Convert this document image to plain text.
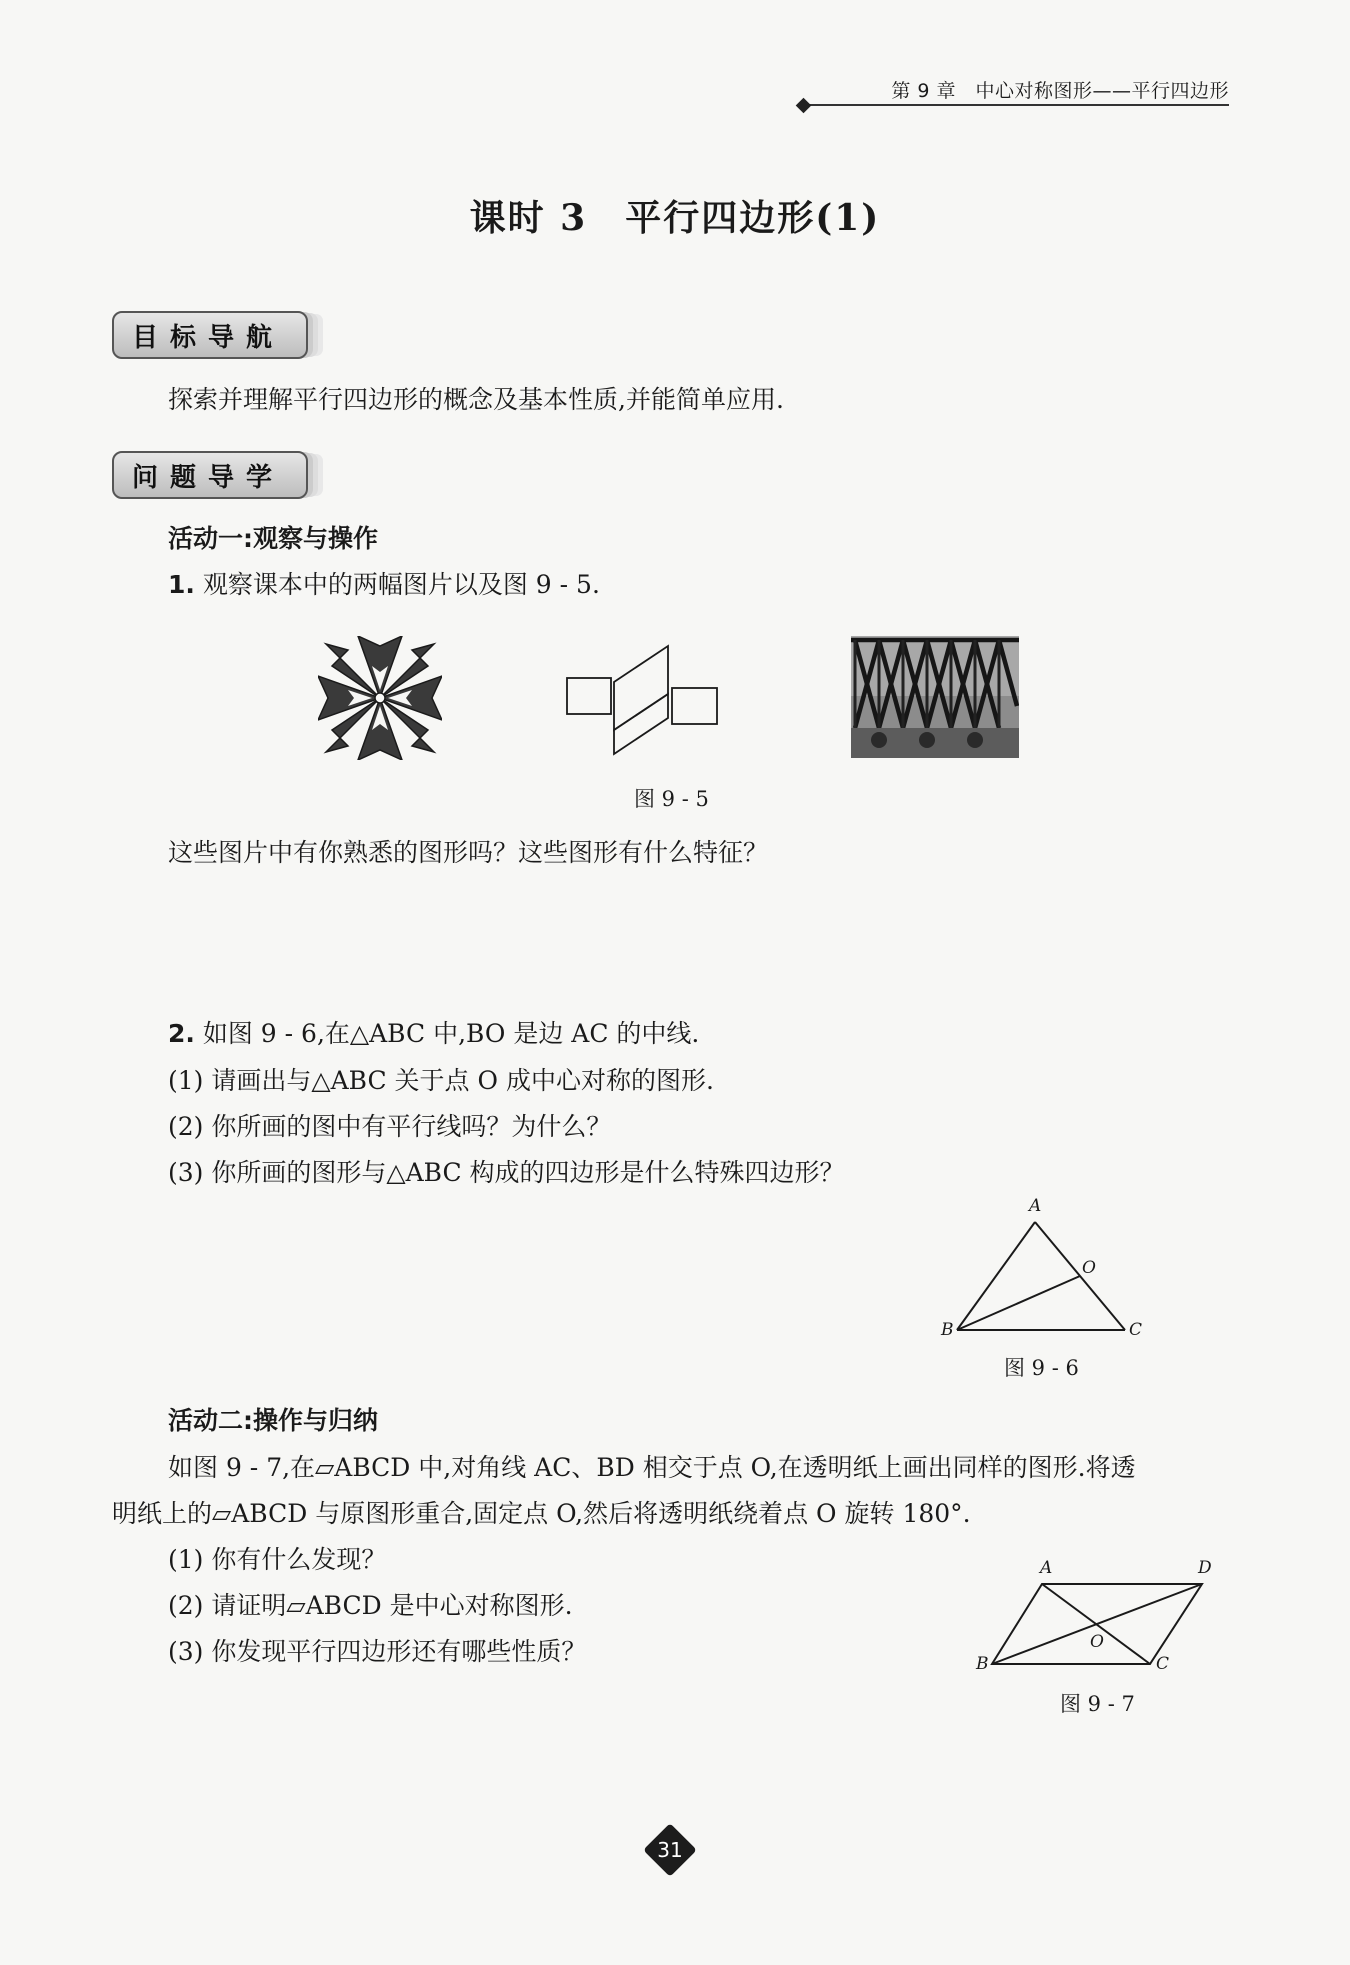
第 9 章　中心对称图形——平行四边形
课时 3　平行四边形(1)
目标导航
探索并理解平行四边形的概念及基本性质,并能简单应用.
问题导学
活动一:观察与操作
1. 观察课本中的两幅图片以及图 9 - 5.
图 9 - 5
这些图片中有你熟悉的图形吗？这些图形有什么特征？
2. 如图 9 - 6,在△ABC 中,BO 是边 AC 的中线.
(1) 请画出与△ABC 关于点 O 成中心对称的图形.
(2) 你所画的图中有平行线吗？为什么？
(3) 你所画的图形与△ABC 构成的四边形是什么特殊四边形？
A
O
B	C
图 9 - 6
活动二:操作与归纳
如图 9 - 7,在▱ABCD 中,对角线 AC、BD 相交于点 O,在透明纸上画出同样的图形.将透
明纸上的▱ABCD 与原图形重合,固定点 O,然后将透明纸绕着点 O 旋转 180°.
(1) 你有什么发现？
(2) 请证明▱ABCD 是中心对称图形.
(3) 你发现平行四边形还有哪些性质？
A	D
O
B	C
图 9 - 7
31
